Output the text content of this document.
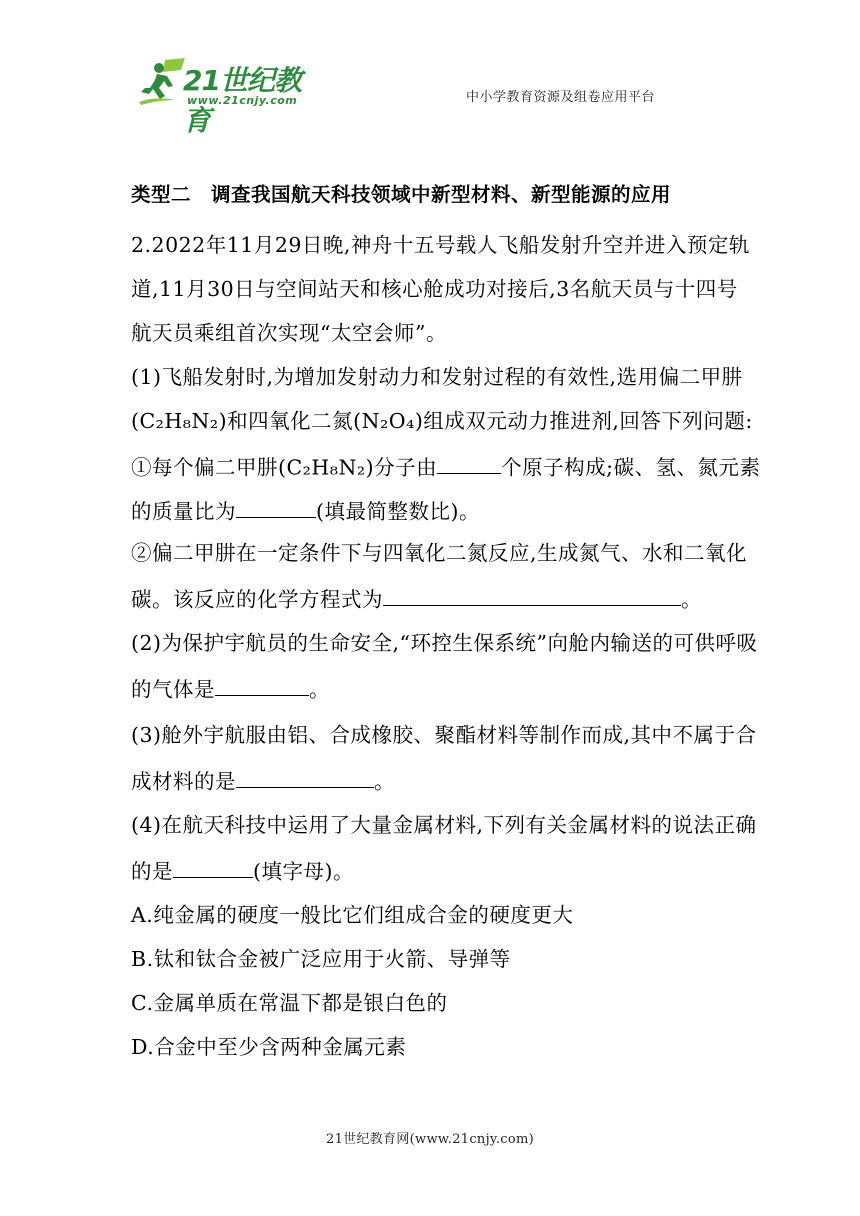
21世纪教育
www.21cnjy.com	中小学教育资源及组卷应用平台
类型二　调查我国航天科技领域中新型材料、新型能源的应用
2.2022年11月29日晚,神舟十五号载人飞船发射升空并进入预定轨
道,11月30日与空间站天和核心舱成功对接后,3名航天员与十四号
航天员乘组首次实现“太空会师”。
(1)飞船发射时,为增加发射动力和发射过程的有效性,选用偏二甲肼
(C₂H₈N₂)和四氧化二氮(N₂O₄)组成双元动力推进剂,回答下列问题:
①每个偏二甲肼(C₂H₈N₂)分子由	个原子构成;碳、氢、氮元素
的质量比为	(填最简整数比)。
②偏二甲肼在一定条件下与四氧化二氮反应,生成氮气、水和二氧化
碳。该反应的化学方程式为	。
(2)为保护宇航员的生命安全,“环控生保系统”向舱内输送的可供呼吸
的气体是	。
(3)舱外宇航服由铝、合成橡胶、聚酯材料等制作而成,其中不属于合
成材料的是	。
(4)在航天科技中运用了大量金属材料,下列有关金属材料的说法正确
的是	(填字母)。
A.纯金属的硬度一般比它们组成合金的硬度更大
B.钛和钛合金被广泛应用于火箭、导弹等
C.金属单质在常温下都是银白色的
D.合金中至少含两种金属元素
21世纪教育网(www.21cnjy.com)
